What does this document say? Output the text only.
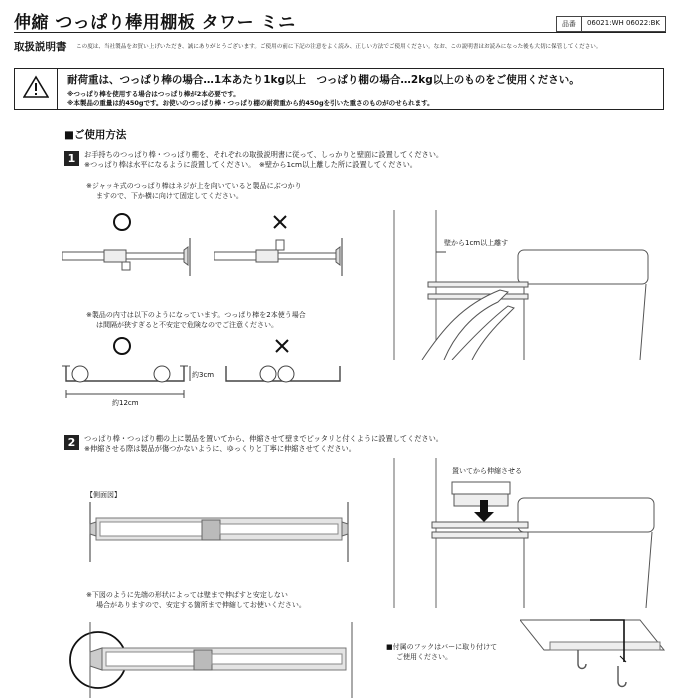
伸縮 つっぱり棒用棚板 タワー ミニ	品番	06021:WH 06022:BK
取扱説明書 この度は、当社製品をお買い上げいただき、誠にありがとうございます。ご使用の前に下記の注意をよく読み、正しい方法でご使用ください。なお、この説明書はお読みになった後も大切に保管してください。
耐荷重は、つっぱり棒の場合…1本あたり1kg以上　つっぱり棚の場合…2kg以上のものをご使用ください。
※つっぱり棒を使用する場合はつっぱり棒が2本必要です。
※本製品の重量は約450gです。お使いのつっぱり棒・つっぱり棚の耐荷重から約450gを引いた重さのものがのせられます。
■ご使用方法
1	お手持ちのつっぱり棒・つっぱり棚を、それぞれの取扱説明書に従って、しっかりと壁面に設置してください。
※つっぱり棒は水平になるように設置してください。　※壁から1cm以上離した所に設置してください。
※ジャッキ式のつっぱり棒はネジが上を向いていると製品にぶつかり
ますので、下か横に向けて固定してください。
※製品の内寸は以下のようになっています。つっぱり棒を2本使う場合
は間隔が狭すぎると不安定で危険なのでご注意ください。
約3cm
約12cm
壁から1cm以上離す
2	つっぱり棒・つっぱり棚の上に製品を置いてから、伸縮させて壁までピッタリと付くように設置してください。
※伸縮させる際は製品が傷つかないように、ゆっくりと丁寧に伸縮させてください。
【側面図】
※下図のように先端の形状によっては壁まで伸ばすと安定しない
場合がありますので、安定する箇所まで伸縮してお使いください。
置いてから伸縮させる
■付属のフックはバーに取り付けて
ご使用ください。
